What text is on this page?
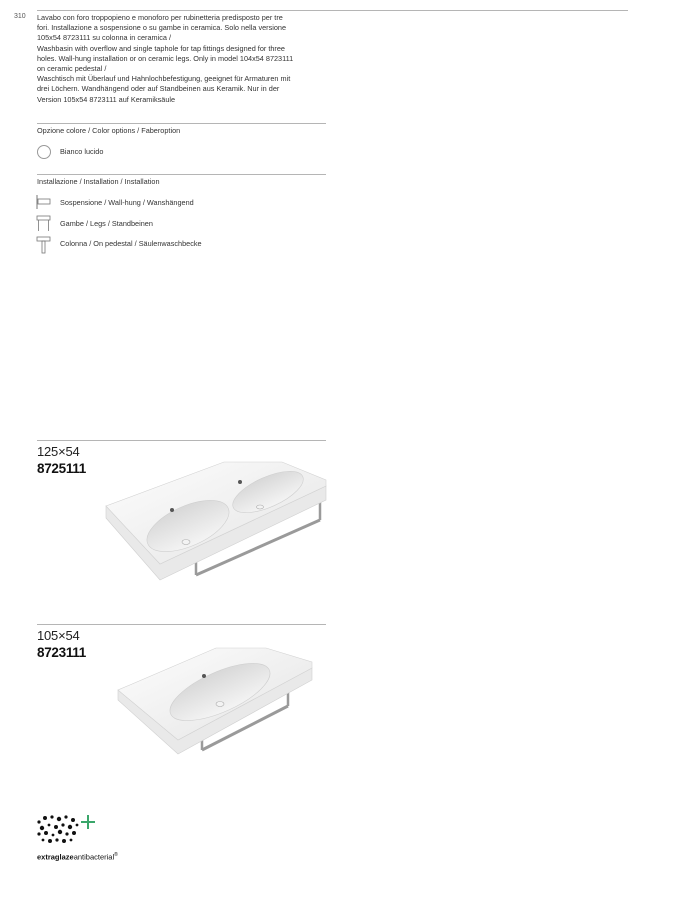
310 Lavabo con foro troppopieno e monoforo per rubinetteria predisposto per tre
fori. Installazione a sospensione o su gambe in ceramica. Solo nella versione
105x54 8723111 su colonna in ceramica /
Washbasin with overflow and single taphole for tap fittings designed for three
holes. Wall-hung installation or on ceramic legs. Only in model 104x54 8723111
on ceramic pedestal /
Waschtisch mit Überlauf und Hahnlochbefestigung, geeignet für Armaturen mit
drei Löchern. Wandhängend oder auf Standbeinen aus Keramik. Nur in der
Version 105x54 8723111 auf Keramiksäule
Opzione colore / Color options / Faberoption
Bianco lucido
Installazione / Installation / Installation
Sospensione / Wall-hung / Wanshängend
Gambe / Legs / Standbeinen
Colonna / On pedestal / Säulenwaschbecke
125×54
8725111
105×54
8723111
extraglazeantibacterial®
